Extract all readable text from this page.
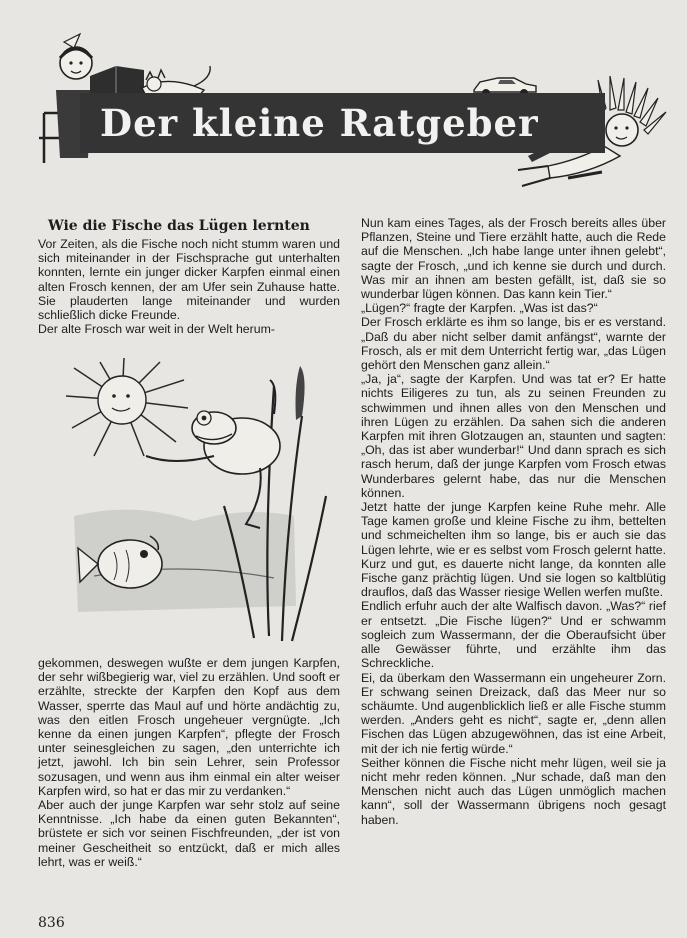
Der kleine Ratgeber
Wie die Fische das Lügen lernten

Vor Zeiten, als die Fische noch nicht stumm waren und sich miteinander in der Fischsprache gut unterhalten konnten, lernte ein junger dicker Karpfen einmal einen alten Frosch kennen, der am Ufer sein Zuhause hatte. Sie plauderten lange miteinander und wurden schließlich dicke Freunde.

Der alte Frosch war weit in der Welt herum-

gekommen, deswegen wußte er dem jungen Karpfen, der sehr wißbegierig war, viel zu erzählen. Und sooft er erzählte, streckte der Karpfen den Kopf aus dem Wasser, sperrte das Maul auf und hörte andächtig zu, was den eitlen Frosch ungeheuer vergnügte. „Ich kenne da einen jungen Karpfen“, pflegte der Frosch unter seinesgleichen zu sagen, „den unterrichte ich jetzt, jawohl. Ich bin sein Lehrer, sein Professor sozusagen, und wenn aus ihm einmal ein alter weiser Karpfen wird, so hat er das mir zu verdanken.“

Aber auch der junge Karpfen war sehr stolz auf seine Kenntnisse. „Ich habe da einen guten Bekannten“, brüstete er sich vor seinen Fischfreunden, „der ist von meiner Gescheitheit so entzückt, daß er mich alles lehrt, was er weiß.“

Nun kam eines Tages, als der Frosch bereits alles über Pflanzen, Steine und Tiere erzählt hatte, auch die Rede auf die Menschen. „Ich habe lange unter ihnen gelebt“, sagte der Frosch, „und ich kenne sie durch und durch. Was mir an ihnen am besten gefällt, ist, daß sie so wunderbar lügen können. Das kann kein Tier.“

„Lügen?“ fragte der Karpfen. „Was ist das?“

Der Frosch erklärte es ihm so lange, bis er es verstand. „Daß du aber nicht selber damit anfängst“, warnte der Frosch, als er mit dem Unterricht fertig war, „das Lügen gehört den Menschen ganz allein.“

„Ja, ja“, sagte der Karpfen. Und was tat er? Er hatte nichts Eiligeres zu tun, als zu seinen Freunden zu schwimmen und ihnen alles von den Menschen und ihren Lügen zu erzählen. Da sahen sich die anderen Karpfen mit ihren Glotzaugen an, staunten und sagten: „Oh, das ist aber wunderbar!“ Und dann sprach es sich rasch herum, daß der junge Karpfen vom Frosch etwas Wunderbares gelernt habe, das nur die Menschen können.

Jetzt hatte der junge Karpfen keine Ruhe mehr. Alle Tage kamen große und kleine Fische zu ihm, bettelten und schmeichelten ihm so lange, bis er auch sie das Lügen lehrte, wie er es selbst vom Frosch gelernt hatte. Kurz und gut, es dauerte nicht lange, da konnten alle Fische ganz prächtig lügen. Und sie logen so kaltblütig drauflos, daß das Wasser riesige Wellen werfen mußte.

Endlich erfuhr auch der alte Walfisch davon. „Was?“ rief er entsetzt. „Die Fische lügen?“ Und er schwamm sogleich zum Wassermann, der die Oberaufsicht über alle Gewässer führte, und erzählte ihm das Schreckliche.

Ei, da überkam den Wassermann ein ungeheurer Zorn. Er schwang seinen Dreizack, daß das Meer nur so schäumte. Und augenblicklich ließ er alle Fische stumm werden. „Anders geht es nicht“, sagte er, „denn allen Fischen das Lügen abzugewöhnen, das ist eine Arbeit, mit der ich nie fertig würde.“

Seither können die Fische nicht mehr lügen, weil sie ja nicht mehr reden können. „Nur schade, daß man den Menschen nicht auch das Lügen unmöglich machen kann“, soll der Wassermann übrigens noch gesagt haben.

836
